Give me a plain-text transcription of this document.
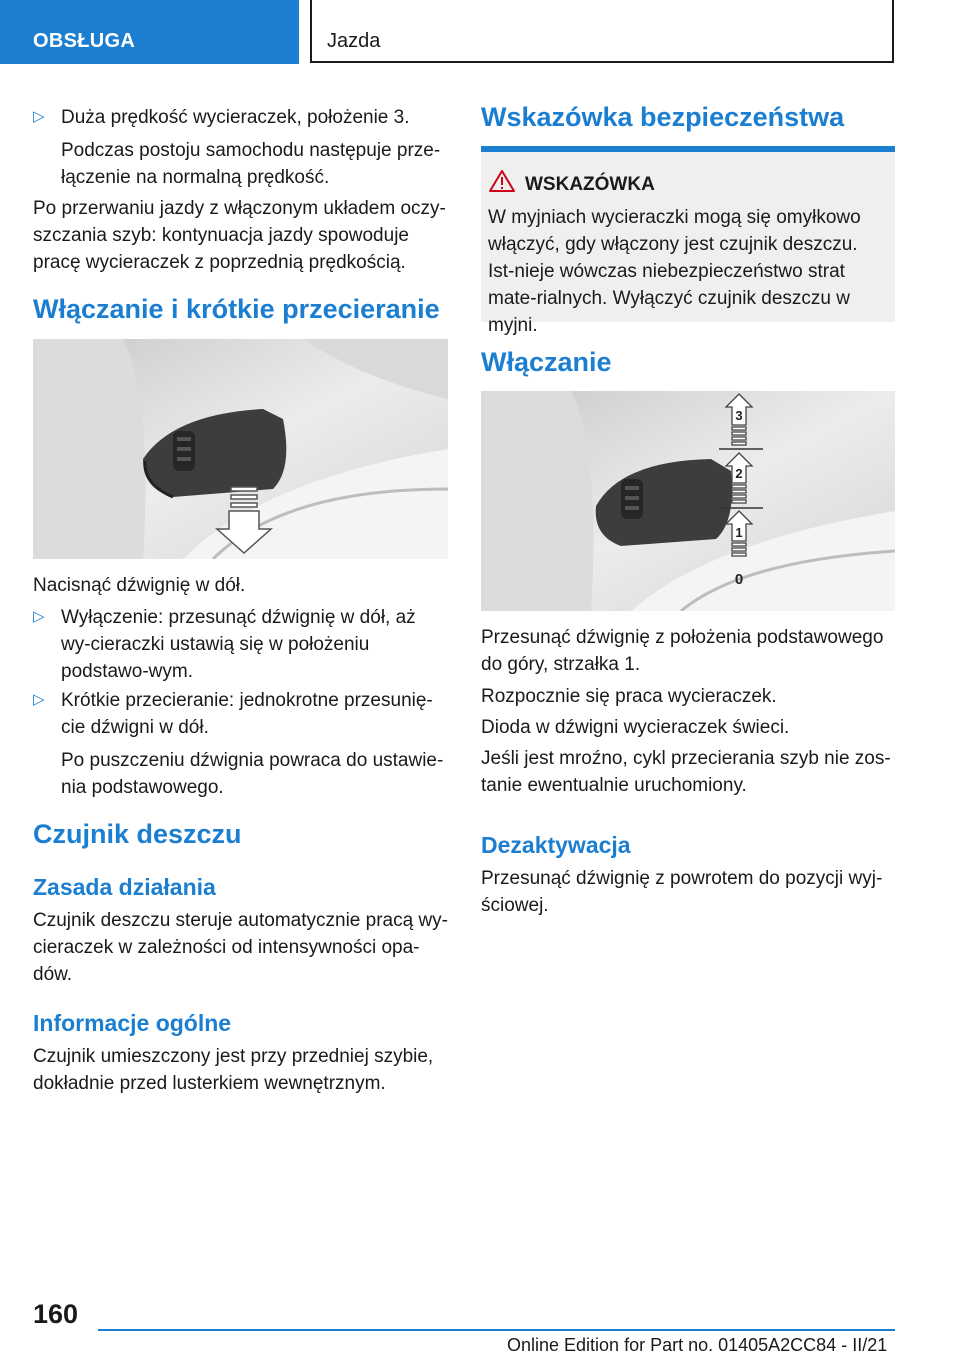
OBSŁUGA	Jazda
▷ Duża prędkość wycieraczek, położenie 3.

Podczas postoju samochodu następuje prze‐łączenie na normalną prędkość.

Po przerwaniu jazdy z włączonym układem oczy‐szczania szyb: kontynuacja jazdy spowoduje pracę wycieraczek z poprzednią prędkością.

Włączanie i krótkie przecieranie

Nacisnąć dźwignię w dół.

▷ Wyłączenie: przesunąć dźwignię w dół, aż wy‐cieraczki ustawią się w położeniu podstawo‐wym.

▷ Krótkie przecieranie: jednokrotne przesunię‐cie dźwigni w dół.

Po puszczeniu dźwignia powraca do ustawie‐nia podstawowego.

Czujnik deszczu
Zasada działania

Czujnik deszczu steruje automatycznie pracą wy‐cieraczek w zależności od intensywności opa‐dów.

Informacje ogólne

Czujnik umieszczony jest przy przedniej szybie, dokładnie przed lusterkiem wewnętrznym.

Wskazówka bezpieczeństwa
WSKAZÓWKA

W myjniach wycieraczki mogą się omyłkowo włączyć, gdy włączony jest czujnik deszczu. Ist‐nieje wówczas niebezpieczeństwo strat mate‐rialnych. Wyłączyć czujnik deszczu w myjni.

Włączanie
3
2
1
0

Przesunąć dźwignię z położenia podstawowego do góry, strzałka 1.

Rozpocznie się praca wycieraczek.

Dioda w dźwigni wycieraczek świeci.

Jeśli jest mroźno, cykl przecierania szyb nie zos‐tanie ewentualnie uruchomiony.

Dezaktywacja

Przesunąć dźwignię z powrotem do pozycji wyj‐ściowej.

160
Online Edition for Part no. 01405A2CC84 - II/21
